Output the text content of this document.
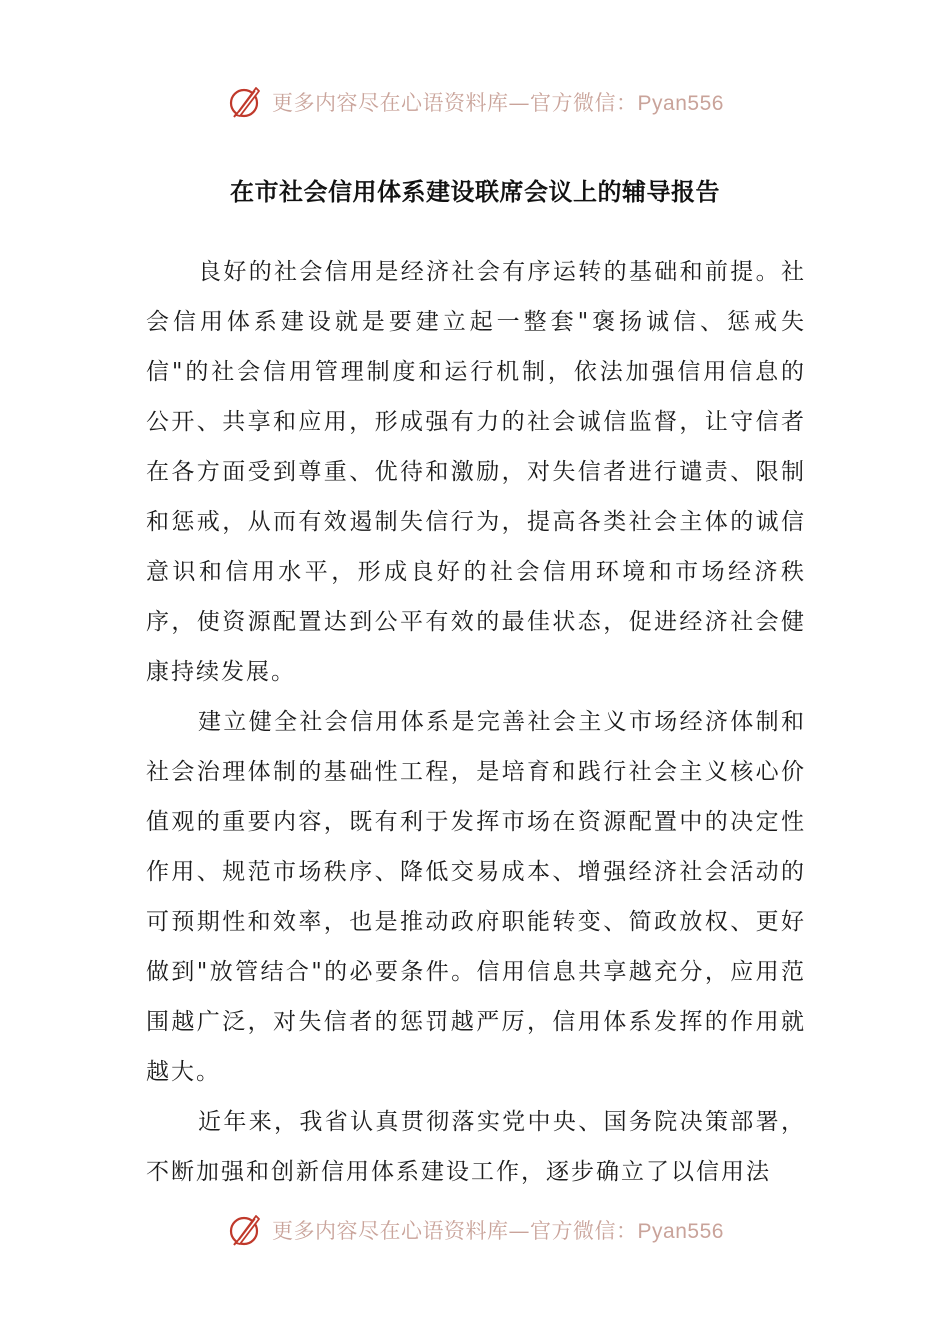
更多内容尽在心语资料库—官方微信：Pyan556
在市社会信用体系建设联席会议上的辅导报告

良好的社会信用是经济社会有序运转的基础和前提。社会信用体系建设就是要建立起一整套"褒扬诚信、惩戒失信"的社会信用管理制度和运行机制，依法加强信用信息的公开、共享和应用，形成强有力的社会诚信监督，让守信者在各方面受到尊重、优待和激励，对失信者进行谴责、限制和惩戒，从而有效遏制失信行为，提高各类社会主体的诚信意识和信用水平，形成良好的社会信用环境和市场经济秩序，使资源配置达到公平有效的最佳状态，促进经济社会健康持续发展。

建立健全社会信用体系是完善社会主义市场经济体制和社会治理体制的基础性工程，是培育和践行社会主义核心价值观的重要内容，既有利于发挥市场在资源配置中的决定性作用、规范市场秩序、降低交易成本、增强经济社会活动的可预期性和效率，也是推动政府职能转变、简政放权、更好做到"放管结合"的必要条件。信用信息共享越充分，应用范围越广泛，对失信者的惩罚越严厉，信用体系发挥的作用就越大。

近年来，我省认真贯彻落实党中央、国务院决策部署，不断加强和创新信用体系建设工作，逐步确立了以信用法

更多内容尽在心语资料库—官方微信：Pyan556
